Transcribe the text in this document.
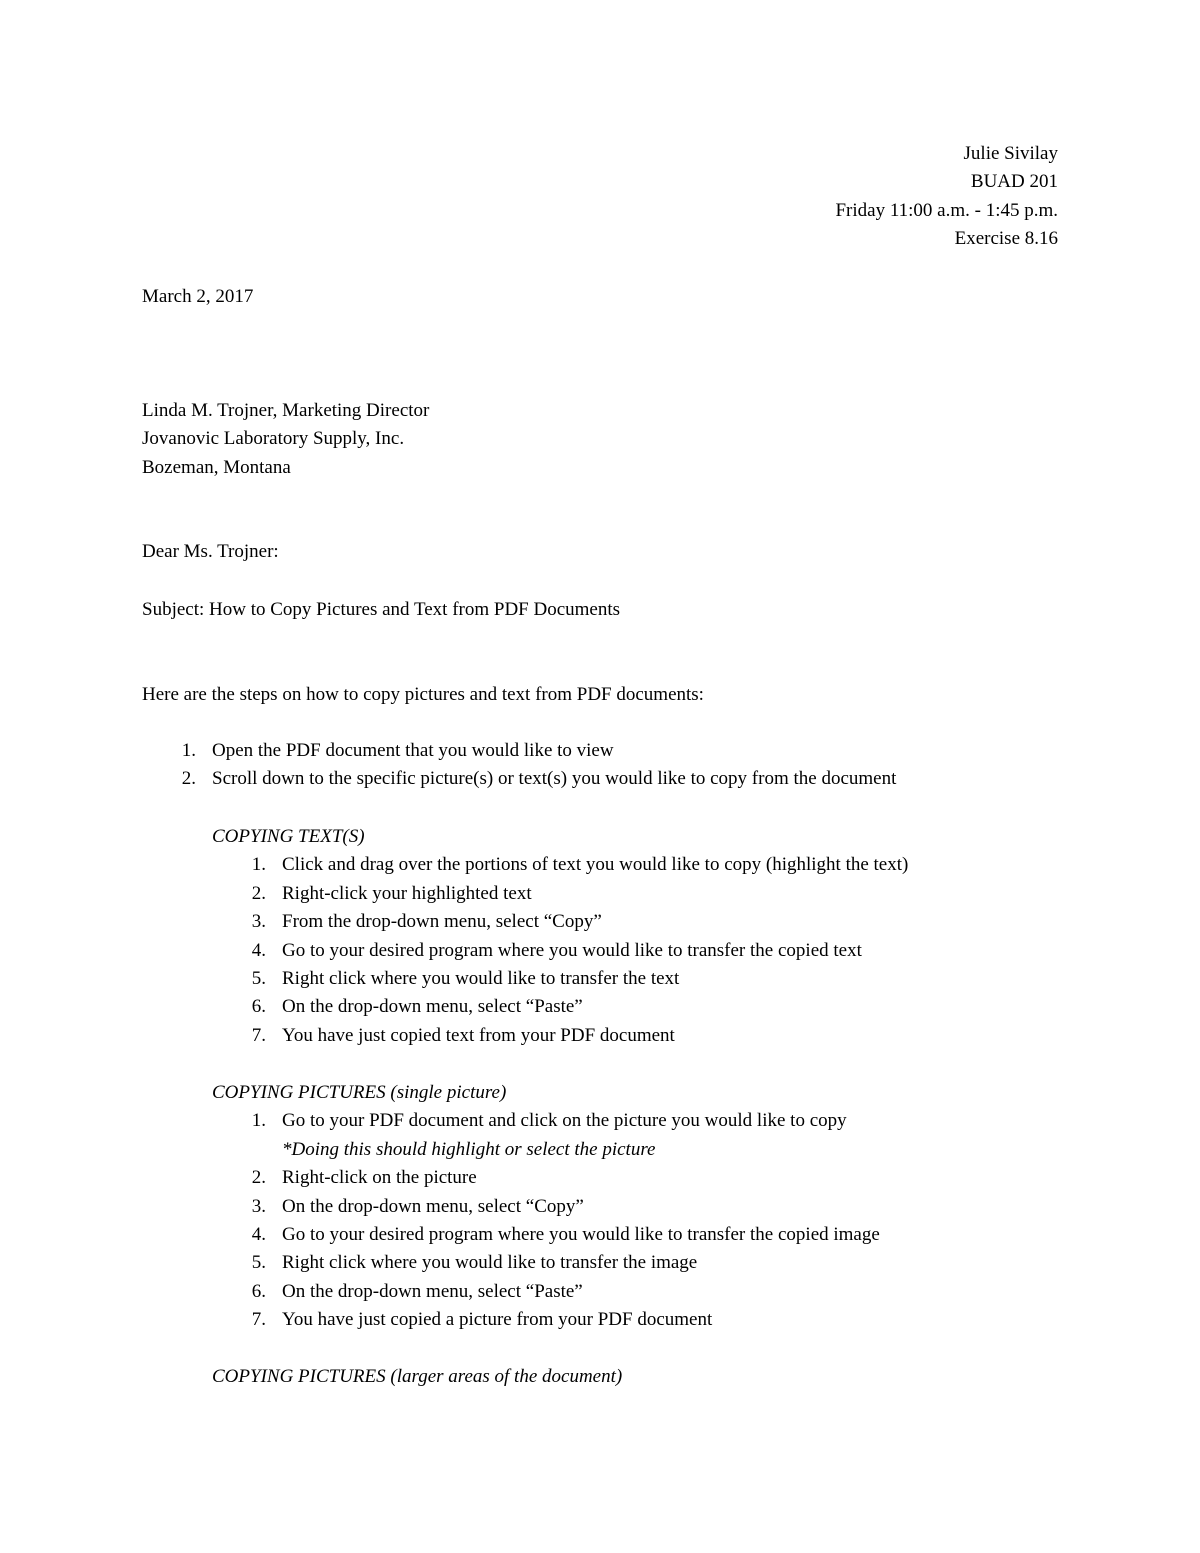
Julie Sivilay
BUAD 201
Friday 11:00 a.m. - 1:45 p.m.
Exercise 8.16
March 2, 2017
Linda M. Trojner, Marketing Director
Jovanovic Laboratory Supply, Inc.
Bozeman, Montana
Dear Ms. Trojner:
Subject: How to Copy Pictures and Text from PDF Documents
Here are the steps on how to copy pictures and text from PDF documents:
1. Open the PDF document that you would like to view
2. Scroll down to the specific picture(s) or text(s) you would like to copy from the document
COPYING TEXT(S)
1. Click and drag over the portions of text you would like to copy (highlight the text)
2. Right-click your highlighted text
3. From the drop-down menu, select “Copy”
4. Go to your desired program where you would like to transfer the copied text
5. Right click where you would like to transfer the text
6. On the drop-down menu, select “Paste”
7. You have just copied text from your PDF document
COPYING PICTURES (single picture)
1. Go to your PDF document and click on the picture you would like to copy
*Doing this should highlight or select the picture
2. Right-click on the picture
3. On the drop-down menu, select “Copy”
4. Go to your desired program where you would like to transfer the copied image
5. Right click where you would like to transfer the image
6. On the drop-down menu, select “Paste”
7. You have just copied a picture from your PDF document
COPYING PICTURES (larger areas of the document)
